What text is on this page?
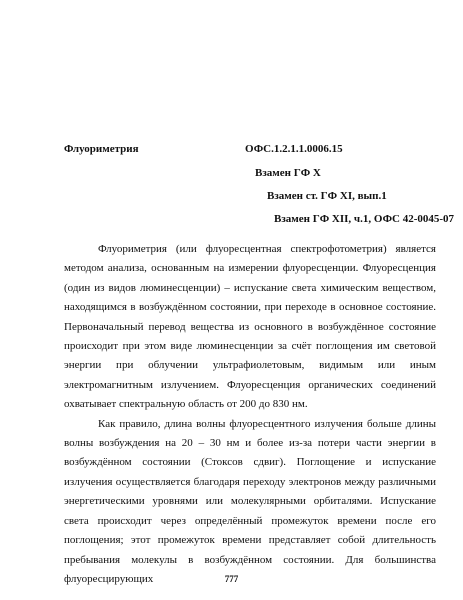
Флуориметрия	ОФС.1.2.1.1.0006.15
Взамен ГФ X
Взамен ст. ГФ XI, вып.1
Взамен ГФ XII, ч.1, ОФС 42-0045-07

Флуориметрия (или флуоресцентная спектрофотометрия) является методом анализа, основанным на измерении флуоресценции. Флуоресценция (один из видов люминесценции) – испускание света химическим веществом, находящимся в возбуждённом состоянии, при переходе в основное состояние. Первоначальный перевод вещества из основного в возбуждённое состояние происходит при этом виде люминесценции за счёт поглощения им световой энергии при облучении ультрафиолетовым, видимым или иным электромагнитным излучением. Флуоресценция органических соединений охватывает спектральную область от 200 до 830 нм.

Как правило, длина волны флуоресцентного излучения больше длины волны возбуждения на 20 – 30 нм и более из-за потери части энергии в возбуждённом состоянии (Стоксов сдвиг). Поглощение и испускание излучения осуществляется благодаря переходу электронов между различными энергетическими уровнями или молекулярными орбиталями. Испускание света происходит через определённый промежуток времени после его поглощения; этот промежуток времени представляет собой длительность пребывания молекулы в возбуждённом состоянии. Для большинства флуоресцирующих	777
